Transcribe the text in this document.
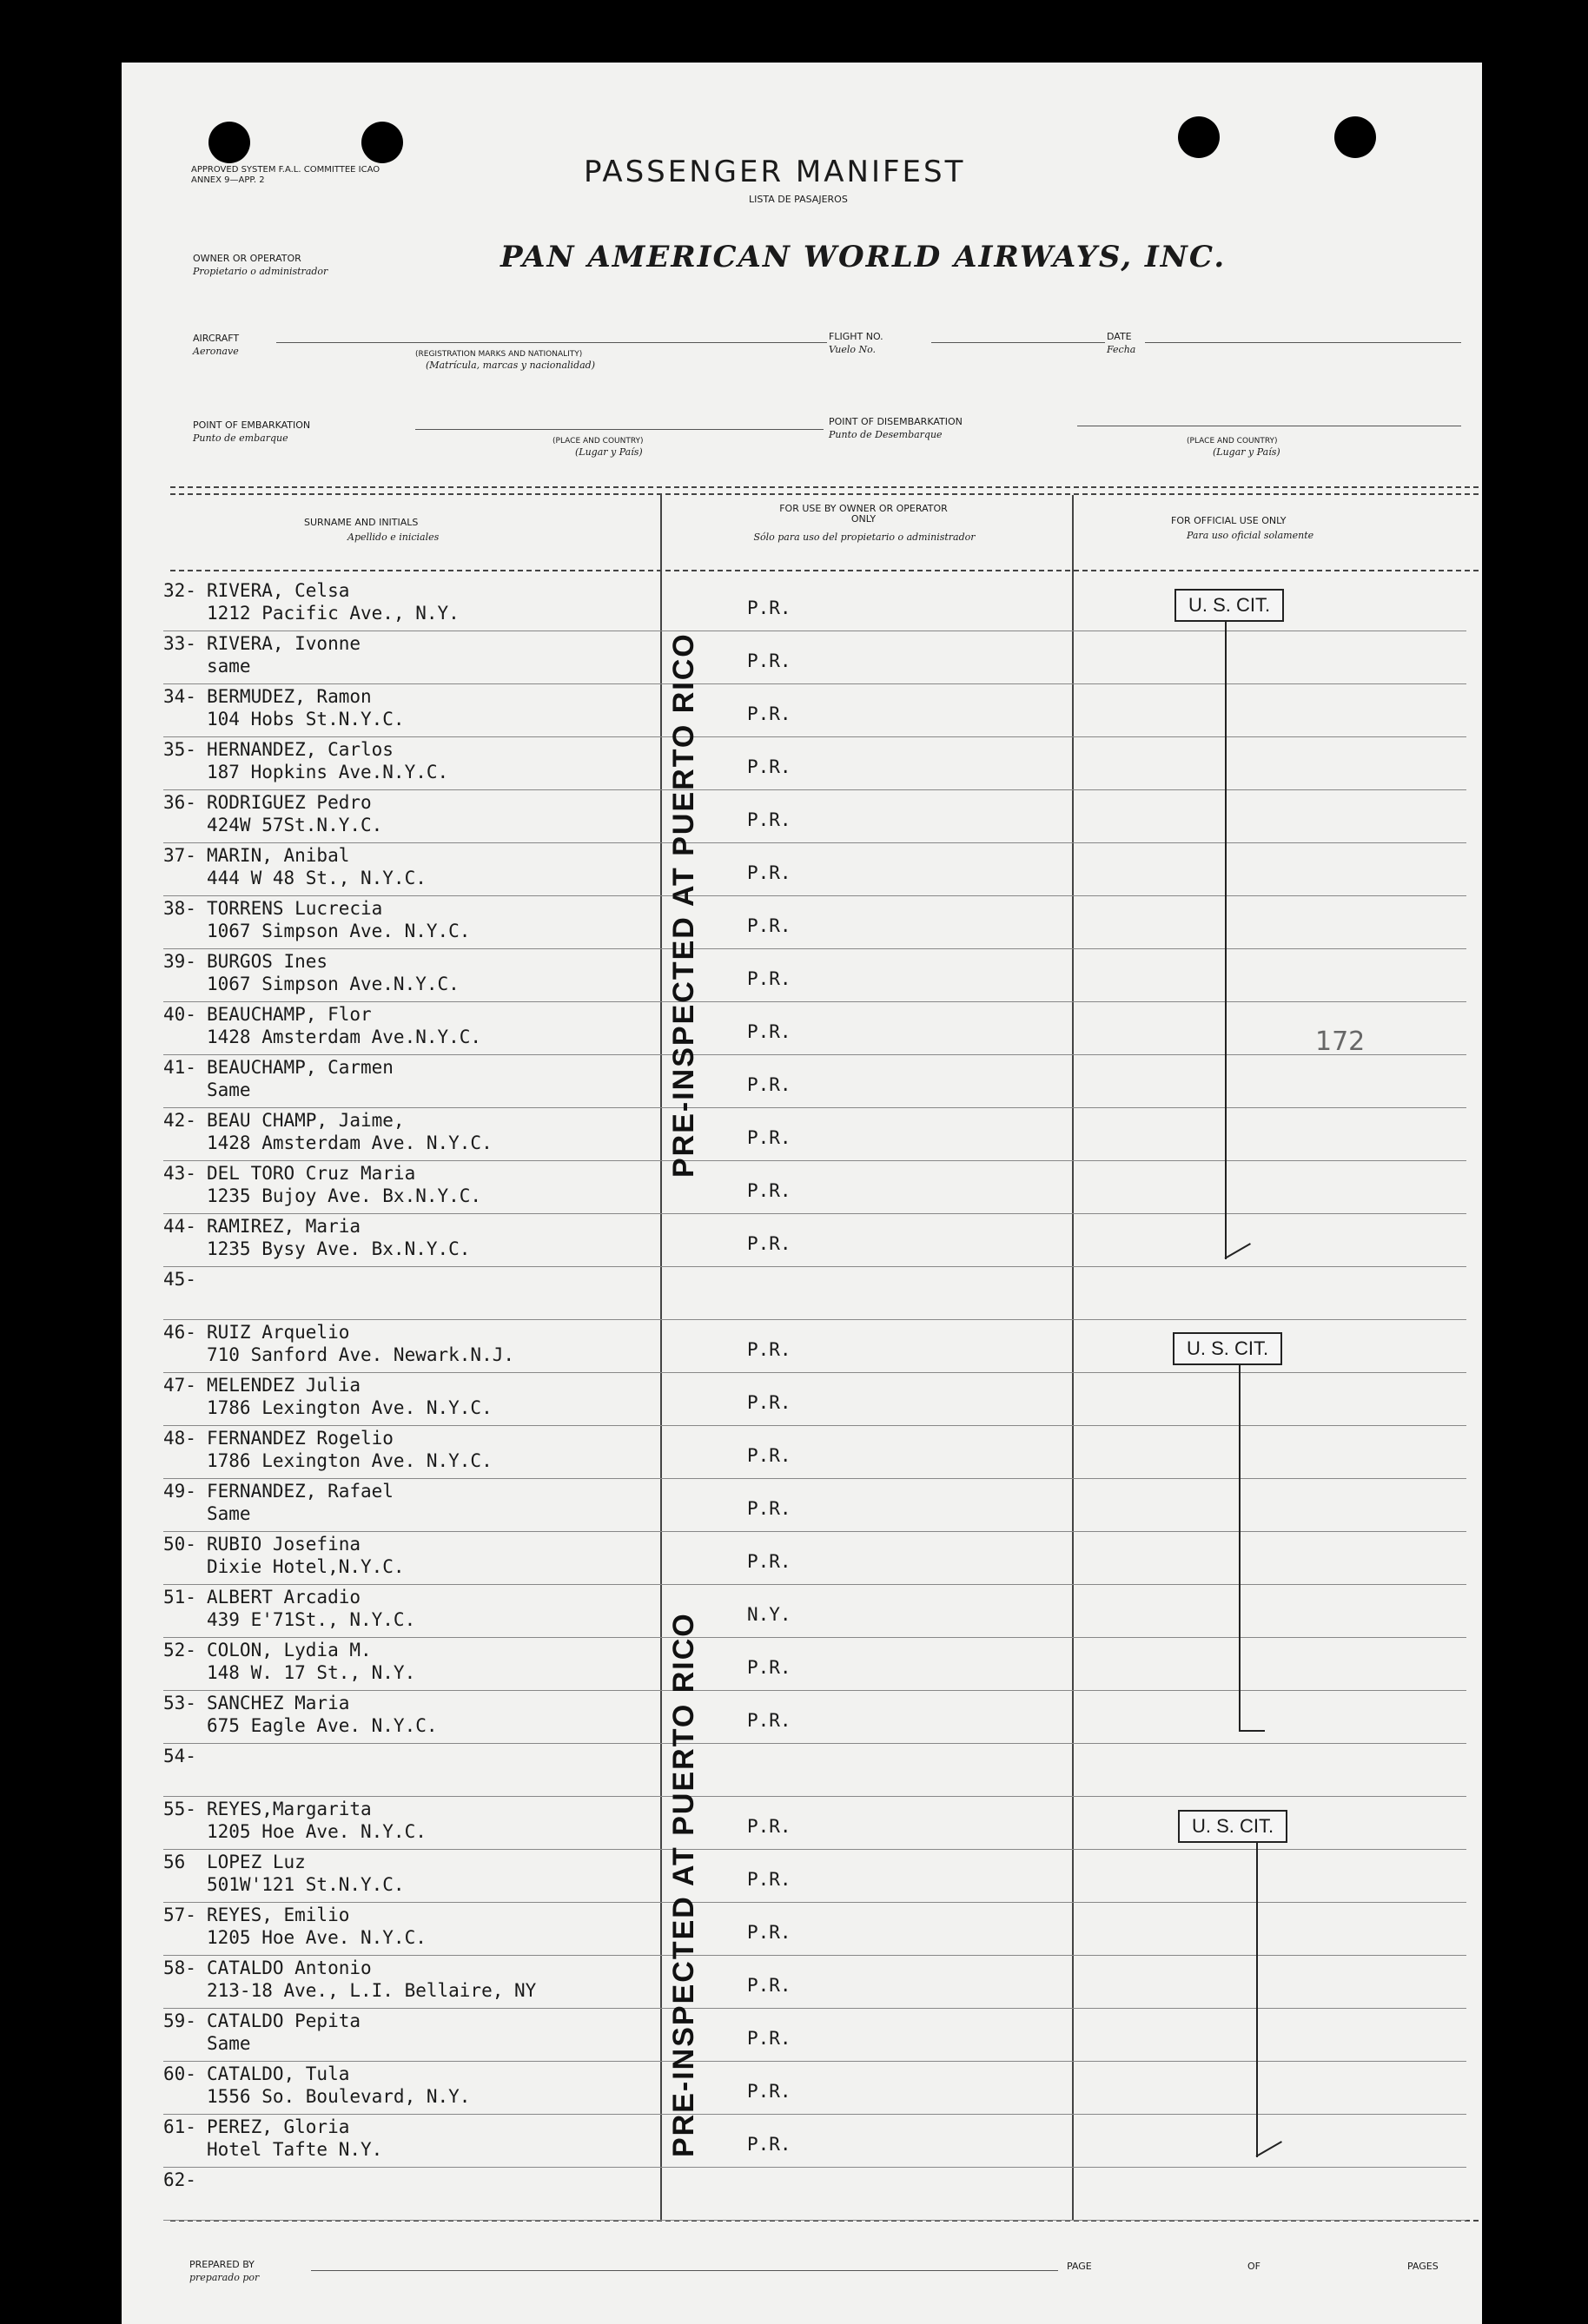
APPROVED SYSTEM F.A.L. COMMITTEE ICAO ANNEX 9—APP. 2	PASSENGER MANIFEST
LISTA DE PASAJEROS
OWNER OR OPERATOR
Propietario o administrador	PAN AMERICAN WORLD AIRWAYS, INC.
AIRCRAFT
Aeronave	(REGISTRATION MARKS AND NATIONALITY)
(Matrícula, marcas y nacionalidad)
FLIGHT NO.
Vuelo No.
DATE
Fecha
POINT OF EMBARKATION
Punto de embarque	(PLACE AND COUNTRY)
(Lugar y País)
POINT OF DISEMBARKATION
Punto de Desembarque
(PLACE AND COUNTRY)
(Lugar y País)
SURNAME AND INITIALS
Apellido e iniciales
FOR USE BY OWNER OR OPERATOR ONLY
Sólo para uso del propietario o administrador
FOR OFFICIAL USE ONLY
Para uso oficial solamente
32- RIVERA, Celsa
1212 Pacific Ave., N.Y.	P.R.
33- RIVERA, Ivonne
same	P.R.
34- BERMUDEZ, Ramon
104 Hobs St.N.Y.C.	P.R.
35- HERNANDEZ, Carlos
187 Hopkins Ave.N.Y.C.	P.R.
36- RODRIGUEZ Pedro
424W 57St.N.Y.C.	P.R.
37- MARIN, Anibal
444 W 48 St., N.Y.C.	P.R.
38- TORRENS Lucrecia
1067 Simpson Ave. N.Y.C.	P.R.
39- BURGOS Ines
1067 Simpson Ave.N.Y.C.	P.R.
40- BEAUCHAMP, Flor
1428 Amsterdam Ave.N.Y.C.	P.R.
41- BEAUCHAMP, Carmen
Same	P.R.
42- BEAU CHAMP, Jaime,
1428 Amsterdam Ave. N.Y.C.	P.R.
43- DEL TORO Cruz Maria
1235 Bujoy Ave. Bx.N.Y.C.	P.R.
44- RAMIREZ, Maria
1235 Bysy Ave. Bx.N.Y.C.	P.R.
45-
46- RUIZ Arquelio
710 Sanford Ave. Newark.N.J.	P.R.
47- MELENDEZ Julia
1786 Lexington Ave. N.Y.C.	P.R.
48- FERNANDEZ Rogelio
1786 Lexington Ave. N.Y.C.	P.R.
49- FERNANDEZ, Rafael
Same	P.R.
50- RUBIO Josefina
Dixie Hotel,N.Y.C.	P.R.
51- ALBERT Arcadio
439 E'71St., N.Y.C.	N.Y.
52- COLON, Lydia M.
148 W. 17 St., N.Y.	P.R.
53- SANCHEZ Maria
675 Eagle Ave. N.Y.C.	P.R.
54-
55- REYES,Margarita
1205 Hoe Ave. N.Y.C.	P.R.
56 LOPEZ Luz
501W'121 St.N.Y.C.	P.R.
57- REYES, Emilio
1205 Hoe Ave. N.Y.C.	P.R.
58- CATALDO Antonio
213-18 Ave., L.I. Bellaire, NY	P.R.
59- CATALDO Pepita
Same	P.R.
60- CATALDO, Tula
1556 So. Boulevard, N.Y.	P.R.
61- PEREZ, Gloria
Hotel Tafte N.Y.	P.R.
62-
PRE-INSPECTED AT PUERTO RICO
PRE-INSPECTED AT PUERTO RICO
U. S. CIT.
U. S. CIT.
U. S. CIT.
172
PREPARED BY
preparado por
PAGE	OF	PAGES
